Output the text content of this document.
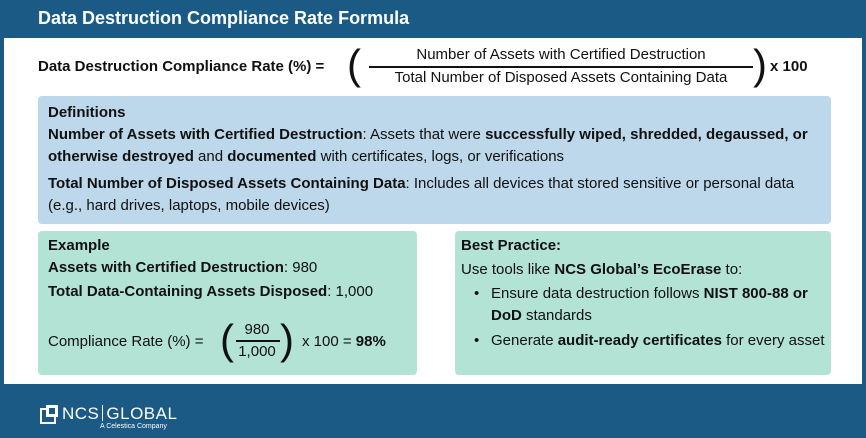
Data Destruction Compliance Rate Formula
Data Destruction Compliance Rate (%) = (	Number of Assets with Certified Destruction
Total Number of Disposed Assets Containing Data ) x 100
Definitions
Number of Assets with Certified Destruction: Assets that were successfully wiped, shredded, degaussed, or otherwise destroyed and documented with certificates, logs, or verifications
Total Number of Disposed Assets Containing Data: Includes all devices that stored sensitive or personal data (e.g., hard drives, laptops, mobile devices)
Example
Assets with Certified Destruction: 980
Total Data-Containing Assets Disposed: 1,000
Compliance Rate (%) = ( 980
1,000 ) x 100 = 98%
Best Practice:
Use tools like NCS Global’s EcoErase to:
• Ensure data destruction follows NIST 800-88 or DoD standards
• Generate audit-ready certificates for every asset
NCS GLOBAL
A Celestica Company
